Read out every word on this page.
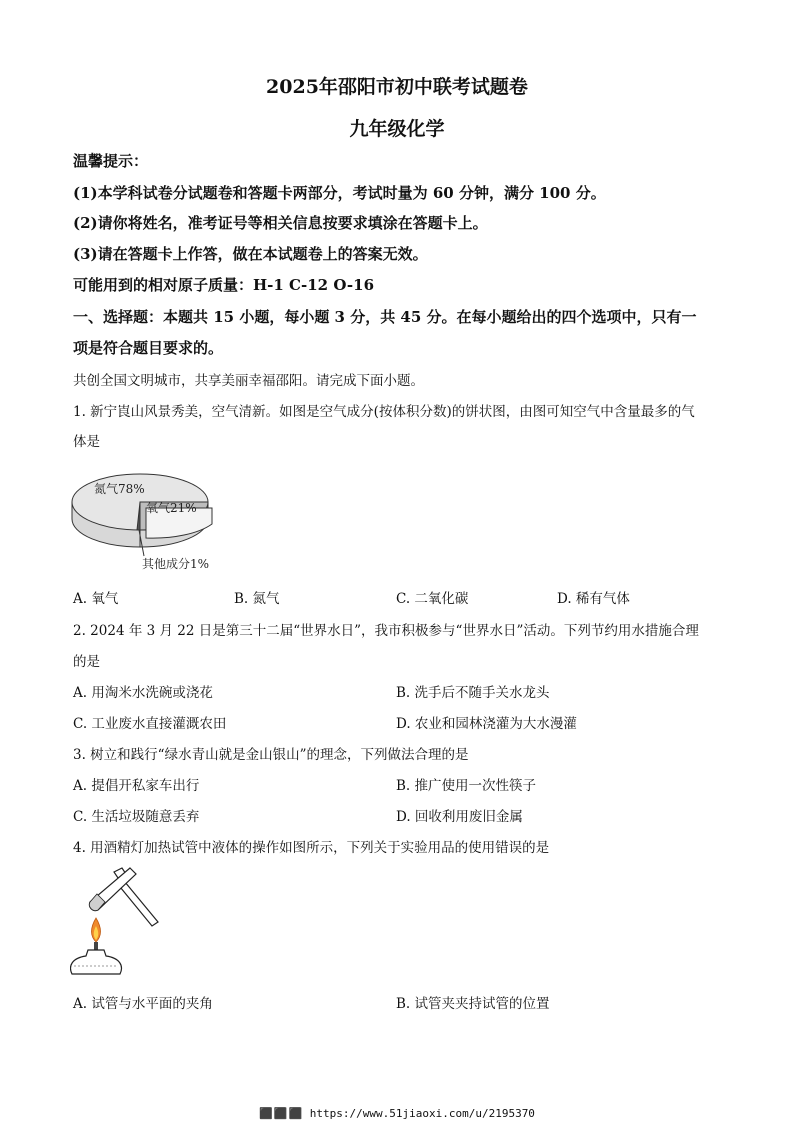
2025年邵阳市初中联考试题卷
九年级化学
温馨提示：
(1)本学科试卷分试题卷和答题卡两部分，考试时量为 60 分钟，满分 100 分。
(2)请你将姓名，准考证号等相关信息按要求填涂在答题卡上。
(3)请在答题卡上作答，做在本试题卷上的答案无效。
可能用到的相对原子质量：H-1 C-12 O-16
一、选择题：本题共 15 小题，每小题 3 分，共 45 分。在每小题给出的四个选项中，只有一
项是符合题目要求的。
共创全国文明城市，共享美丽幸福邵阳。请完成下面小题。
1. 新宁崀山风景秀美，空气清新。如图是空气成分(按体积分数)的饼状图，由图可知空气中含量最多的气
体是
氮气78%
氧气21%
其他成分1%
A. 氧气	B. 氮气	C. 二氧化碳	D. 稀有气体
2. 2024 年 3 月 22 日是第三十二届“世界水日”，我市积极参与“世界水日”活动。下列节约用水措施合理
的是
A. 用淘米水洗碗或浇花	B. 洗手后不随手关水龙头
C. 工业废水直接灌溉农田	D. 农业和园林浇灌为大水漫灌
3. 树立和践行“绿水青山就是金山银山”的理念，下列做法合理的是
A. 提倡开私家车出行	B. 推广使用一次性筷子
C. 生活垃圾随意丢弃	D. 回收利用废旧金属
4. 用酒精灯加热试管中液体的操作如图所示，下列关于实验用品的使用错误的是
A. 试管与水平面的夹角	B. 试管夹夹持试管的位置
⬛⬛⬛ https://www.51jiaoxi.com/u/2195370
